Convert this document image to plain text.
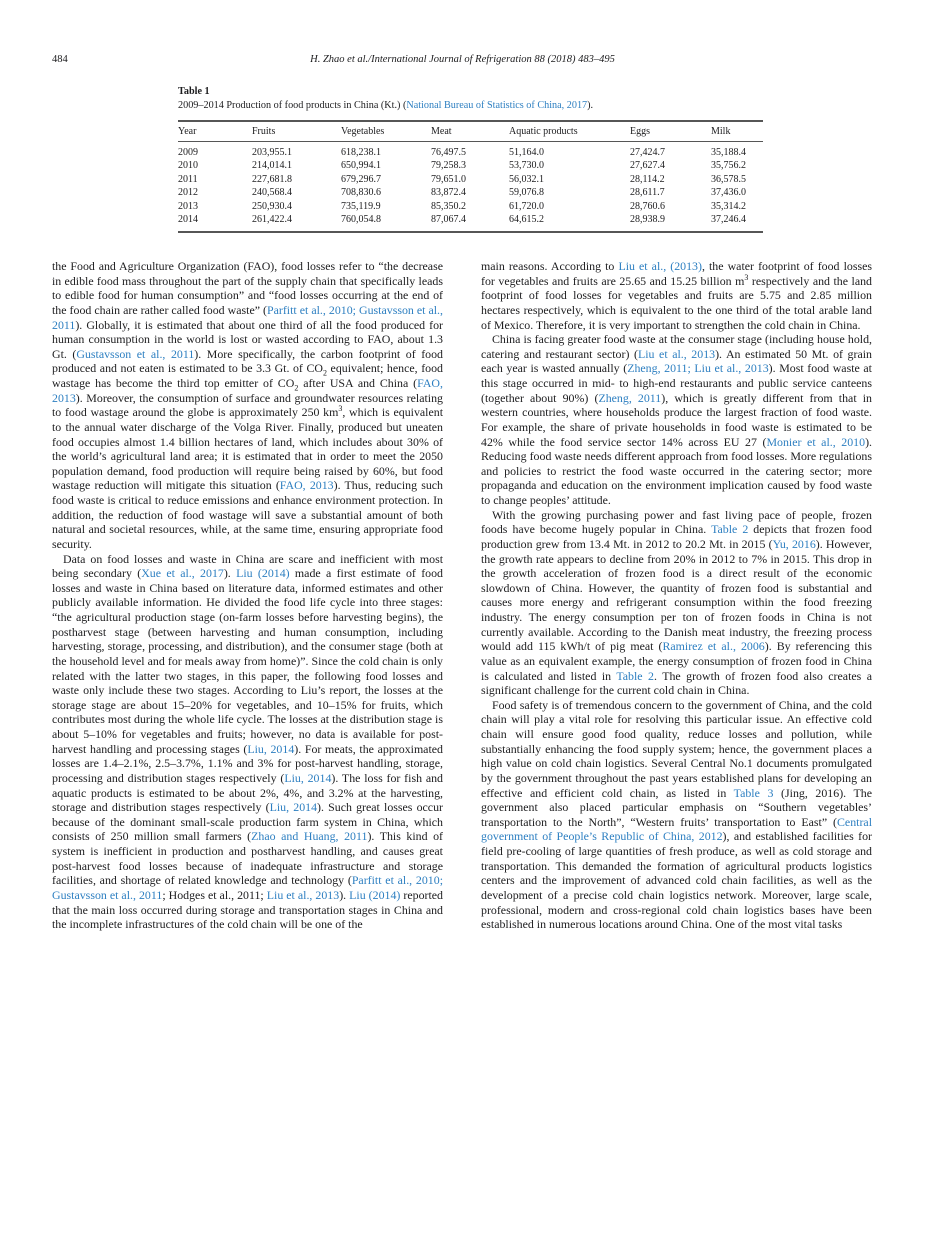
484	H. Zhao et al./International Journal of Refrigeration 88 (2018) 483–495

Table 1

2009–2014 Production of food products in China (Kt.) (National Bureau of Statistics of China, 2017).

Year	Fruits	Vegetables	Meat	Aquatic products	Eggs	Milk
2009	203,955.1	618,238.1	76,497.5	51,164.0	27,424.7	35,188.4
2010	214,014.1	650,994.1	79,258.3	53,730.0	27,627.4	35,756.2
2011	227,681.8	679,296.7	79,651.0	56,032.1	28,114.2	36,578.5
2012	240,568.4	708,830.6	83,872.4	59,076.8	28,611.7	37,436.0
2013	250,930.4	735,119.9	85,350.2	61,720.0	28,760.6	35,314.2
2014	261,422.4	760,054.8	87,067.4	64,615.2	28,938.9	37,246.4

the Food and Agriculture Organization (FAO), food losses refer to “the decrease in edible food mass throughout the part of the supply chain that specifically leads to edible food for human consumption” and “food losses occurring at the end of the food chain are rather called food waste” (Parfitt et al., 2010; Gustavsson et al., 2011). Globally, it is estimated that about one third of all the food produced for human consumption in the world is lost or wasted according to FAO, about 1.3 Gt. (Gustavsson et al., 2011). More specifically, the carbon footprint of food produced and not eaten is estimated to be 3.3 Gt. of $CO_2$ equivalent; hence, food wastage has become the third top emitter of $CO_2$ after USA and China (FAO, 2013). Moreover, the consumption of surface and groundwater resources relating to food wastage around the globe is approximately 250 $km^3$, which is equivalent to the annual water discharge of the Volga River. Finally, produced but uneaten food occupies almost 1.4 billion hectares of land, which includes about 30% of the world’s agricultural land area; it is estimated that in order to meet the 2050 population demand, food production will require being raised by 60%, but food wastage reduction will mitigate this situation (FAO, 2013). Thus, reducing such food waste is critical to reduce emissions and enhance environment protection. In addition, the reduction of food wastage will save a substantial amount of both natural and societal resources, while, at the same time, ensuring appropriate food security.

Data on food losses and waste in China are scare and inefficient with most being secondary (Xue et al., 2017). Liu (2014) made a first estimate of food losses and waste in China based on literature data, informed estimates and other publicly available information. He divided the food life cycle into three stages: “the agricultural production stage (on-farm losses before harvesting begins), the postharvest stage (between harvesting and human consumption, including harvesting, storage, processing, and distribution), and the consumer stage (both at the household level and for meals away from home)”. Since the cold chain is only related with the latter two stages, in this paper, the following food losses and waste only include these two stages. According to Liu’s report, the losses at the storage stage are about 15–20% for vegetables, and 10–15% for fruits, which contributes most during the whole life cycle. The losses at the distribution stage is about 5–10% for vegetables and fruits; however, no data is available for post-harvest handling and processing stages (Liu, 2014). For meats, the approximated losses are 1.4–2.1%, 2.5–3.7%, 1.1% and 3% for post-harvest handling, storage, processing and distribution stages respectively (Liu, 2014). The loss for fish and aquatic products is estimated to be about 2%, 4%, and 3.2% at the harvesting, storage and distribution stages respectively (Liu, 2014). Such great losses occur because of the dominant small-scale production farm system in China, which consists of 250 million small farmers (Zhao and Huang, 2011). This kind of system is inefficient in production and postharvest handling, and causes great post-harvest food losses because of inadequate infrastructure and storage facilities, and shortage of related knowledge and technology (Parfitt et al., 2010; Gustavsson et al., 2011; Hodges et al., 2011; Liu et al., 2013). Liu (2014) reported that the main loss occurred during storage and transportation stages in China and the incomplete infrastructures of the cold chain will be one of the

main reasons. According to Liu et al., (2013), the water footprint of food losses for vegetables and fruits are 25.65 and 15.25 billion $m^3$ respectively and the land footprint of food losses for vegetables and fruits are 5.75 and 2.85 million hectares respectively, which is equivalent to the one third of the total arable land of Mexico. Therefore, it is very important to strengthen the cold chain in China.

China is facing greater food waste at the consumer stage (including house hold, catering and restaurant sector) (Liu et al., 2013). An estimated 50 Mt. of grain each year is wasted annually (Zheng, 2011; Liu et al., 2013). Most food waste at this stage occurred in mid- to high-end restaurants and public service canteens (together about 90%) (Zheng, 2011), which is greatly different from that in western countries, where households produce the largest fraction of food waste. For example, the share of private households in food waste is estimated to be 42% while the food service sector 14% across EU 27 (Monier et al., 2010). Reducing food waste needs different approach from food losses. More regulations and policies to restrict the food waste occurred in the catering sector; more propaganda and education on the environment implication caused by food waste to change peoples’ attitude.

With the growing purchasing power and fast living pace of people, frozen foods have become hugely popular in China. Table 2 depicts that frozen food production grew from 13.4 Mt. in 2012 to 20.2 Mt. in 2015 (Yu, 2016). However, the growth rate appears to decline from 20% in 2012 to 7% in 2015. This drop in the growth acceleration of frozen food is a direct result of the economic slowdown of China. However, the quantity of frozen food is substantial and causes more energy and refrigerant consumption within the food freezing industry. The energy consumption per ton of frozen foods in China is not currently available. According to the Danish meat industry, the freezing process would add 115 kWh/t of pig meat (Ramirez et al., 2006). By referencing this value as an equivalent example, the energy consumption of frozen food in China is calculated and listed in Table 2. The growth of frozen food also creates a significant challenge for the current cold chain in China.

Food safety is of tremendous concern to the government of China, and the cold chain will play a vital role for resolving this particular issue. An effective cold chain will ensure good food quality, reduce losses and pollution, while substantially enhancing the food supply system; hence, the government places a high value on cold chain logistics. Several Central No.1 documents promulgated by the government throughout the past years established plans for developing an effective and efficient cold chain, as listed in Table 3 (Jing, 2016). The government also placed particular emphasis on “Southern vegetables’ transportation to the North”, “Western fruits’ transportation to East” (Central government of People’s Republic of China, 2012), and established facilities for field pre-cooling of large quantities of fresh produce, as well as cold storage and transportation. This demanded the formation of agricultural products logistics centers and the improvement of advanced cold chain facilities, as well as the development of a precise cold chain logistics network. Moreover, large scale, professional, modern and cross-regional cold chain logistics bases have been established in numerous locations around China. One of the most vital tasks
